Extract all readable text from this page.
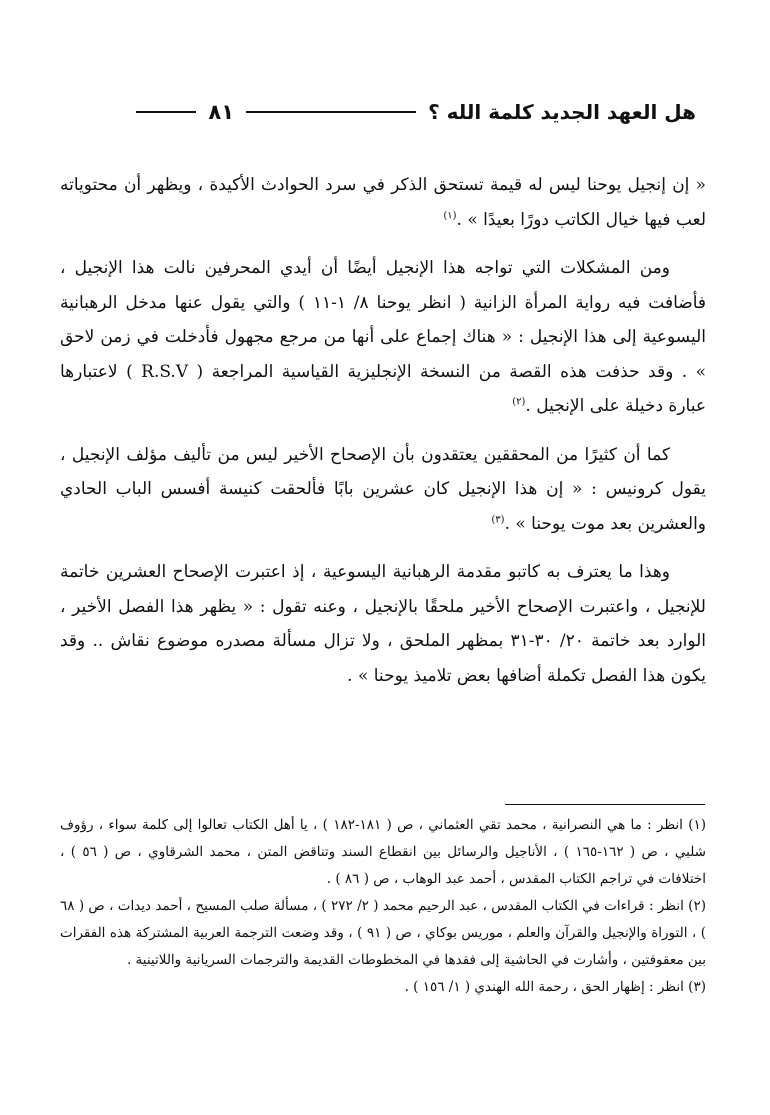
هل العهد الجديد كلمة الله ؟
٨١

« إن إنجيل يوحنا ليس له قيمة تستحق الذكر في سرد الحوادث الأكيدة ، ويظهر أن محتوياته لعب فيها خيال الكاتب دورًا بعيدًا » .$^{(١)}$

ومن المشكلات التي تواجه هذا الإنجيل أيضًا أن أيدي المحرفين نالت هذا الإنجيل ، فأضافت فيه رواية المرأة الزانية ( انظر يوحنا ٨/ ١-١١ ) والتي يقول عنها مدخل الرهبانية اليسوعية إلى هذا الإنجيل : « هناك إجماع على أنها من مرجع مجهول فأدخلت في زمن لاحق » . وقد حذفت هذه القصة من النسخة الإنجليزية القياسية المراجعة ( R.S.V ) لاعتبارها عبارة دخيلة على الإنجيل .$^{(٢)}$

كما أن كثيرًا من المحققين يعتقدون بأن الإصحاح الأخير ليس من تأليف مؤلف الإنجيل ، يقول كرونيس : « إن هذا الإنجيل كان عشرين بابًا فألحقت كنيسة أفسس الباب الحادي والعشرين بعد موت يوحنا » .$^{(٣)}$

وهذا ما يعترف به كاتبو مقدمة الرهبانية اليسوعية ، إذ اعتبرت الإصحاح العشرين خاتمة للإنجيل ، واعتبرت الإصحاح الأخير ملحقًا بالإنجيل ، وعنه تقول : « يظهر هذا الفصل الأخير ، الوارد بعد خاتمة ٢٠/ ٣٠-٣١ بمظهر الملحق ، ولا تزال مسألة مصدره موضوع نقاش .. وقد يكون هذا الفصل تكملة أضافها بعض تلاميذ يوحنا » .

(١) انظر : ما هي النصرانية ، محمد تقي العثماني ، ص ( ١٨١-١٨٢ ) ، يا أهل الكتاب تعالوا إلى كلمة سواء ، رؤوف شلبي ، ص ( ١٦٢-١٦٥ ) ، الأناجيل والرسائل بين انقطاع السند وتناقض المتن ، محمد الشرقاوي ، ص ( ٥٦ ) ، اختلافات في تراجم الكتاب المقدس ، أحمد عبد الوهاب ، ص ( ٨٦ ) .

(٢) انظر : قراءات في الكتاب المقدس ، عبد الرحيم محمد ( ٢/ ٢٧٢ ) ، مسألة صلب المسيح ، أحمد ديدات ، ص ( ٦٨ ) ، التوراة والإنجيل والقرآن والعلم ، موريس بوكاي ، ص ( ٩١ ) ، وقد وضعت الترجمة العربية المشتركة هذه الفقرات بين معقوفتين ، وأشارت في الحاشية إلى فقدها في المخطوطات القديمة والترجمات السريانية واللاتينية .

(٣) انظر : إظهار الحق ، رحمة الله الهندي ( ١/ ١٥٦ ) .
